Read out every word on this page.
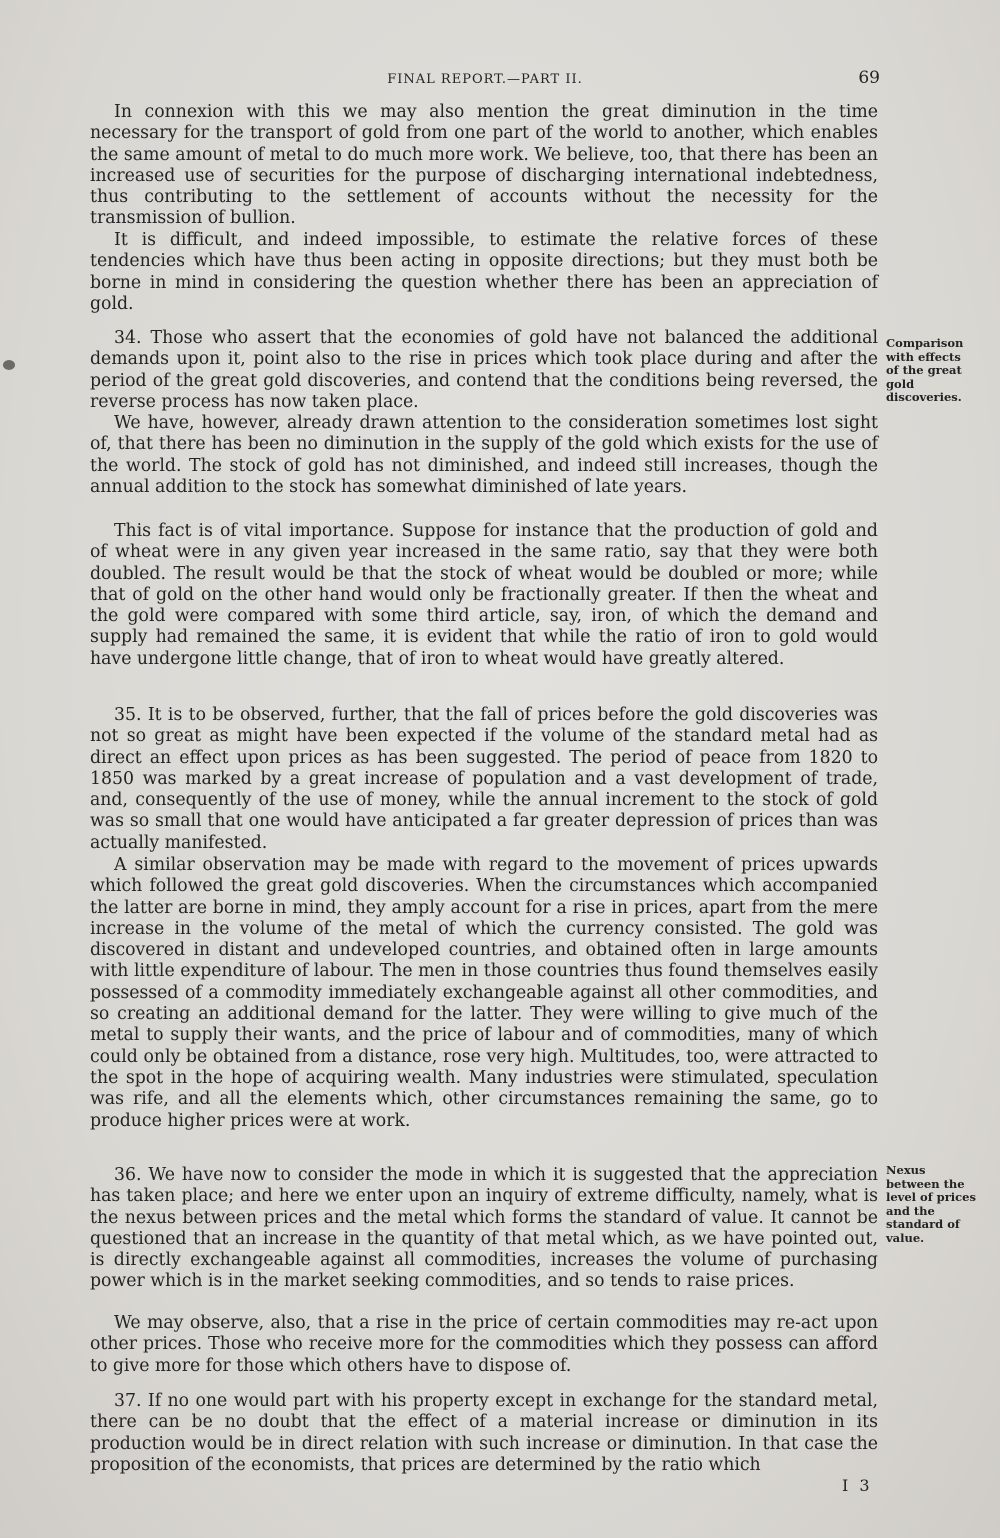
FINAL REPORT.—PART II.	69

In connexion with this we may also mention the great diminution in the time necessary for the transport of gold from one part of the world to another, which enables the same amount of metal to do much more work. We believe, too, that there has been an increased use of securities for the purpose of discharging international indebtedness, thus contributing to the settlement of accounts without the necessity for the transmission of bullion.

It is difficult, and indeed impossible, to estimate the relative forces of these tendencies which have thus been acting in opposite directions; but they must both be borne in mind in considering the question whether there has been an appreciation of gold.

34. Those who assert that the economies of gold have not balanced the additional demands upon it, point also to the rise in prices which took place during and after the period of the great gold discoveries, and contend that the conditions being reversed, the reverse process has now taken place.

We have, however, already drawn attention to the consideration sometimes lost sight of, that there has been no diminution in the supply of the gold which exists for the use of the world. The stock of gold has not diminished, and indeed still increases, though the annual addition to the stock has somewhat diminished of late years.

This fact is of vital importance. Suppose for instance that the production of gold and of wheat were in any given year increased in the same ratio, say that they were both doubled. The result would be that the stock of wheat would be doubled or more; while that of gold on the other hand would only be fractionally greater. If then the wheat and the gold were compared with some third article, say, iron, of which the demand and supply had remained the same, it is evident that while the ratio of iron to gold would have undergone little change, that of iron to wheat would have greatly altered.

35. It is to be observed, further, that the fall of prices before the gold discoveries was not so great as might have been expected if the volume of the standard metal had as direct an effect upon prices as has been suggested. The period of peace from 1820 to 1850 was marked by a great increase of population and a vast development of trade, and, consequently of the use of money, while the annual increment to the stock of gold was so small that one would have anticipated a far greater depression of prices than was actually manifested.

A similar observation may be made with regard to the movement of prices upwards which followed the great gold discoveries. When the circumstances which accompanied the latter are borne in mind, they amply account for a rise in prices, apart from the mere increase in the volume of the metal of which the currency consisted. The gold was discovered in distant and undeveloped countries, and obtained often in large amounts with little expenditure of labour. The men in those countries thus found themselves easily possessed of a commodity immediately exchangeable against all other commodities, and so creating an additional demand for the latter. They were willing to give much of the metal to supply their wants, and the price of labour and of commodities, many of which could only be obtained from a distance, rose very high. Multitudes, too, were attracted to the spot in the hope of acquiring wealth. Many industries were stimulated, speculation was rife, and all the elements which, other circumstances remaining the same, go to produce higher prices were at work.

36. We have now to consider the mode in which it is suggested that the appreciation has taken place; and here we enter upon an inquiry of extreme difficulty, namely, what is the nexus between prices and the metal which forms the standard of value. It cannot be questioned that an increase in the quantity of that metal which, as we have pointed out, is directly exchangeable against all commodities, increases the volume of purchasing power which is in the market seeking commodities, and so tends to raise prices.

We may observe, also, that a rise in the price of certain commodities may re-act upon other prices. Those who receive more for the commodities which they possess can afford to give more for those which others have to dispose of.

37. If no one would part with his property except in exchange for the standard metal, there can be no doubt that the effect of a material increase or diminution in its production would be in direct relation with such increase or diminution. In that case the proposition of the economists, that prices are determined by the ratio which

Comparison with effects of the great gold discoveries.
Nexus between the level of prices and the standard of value.
I 3
